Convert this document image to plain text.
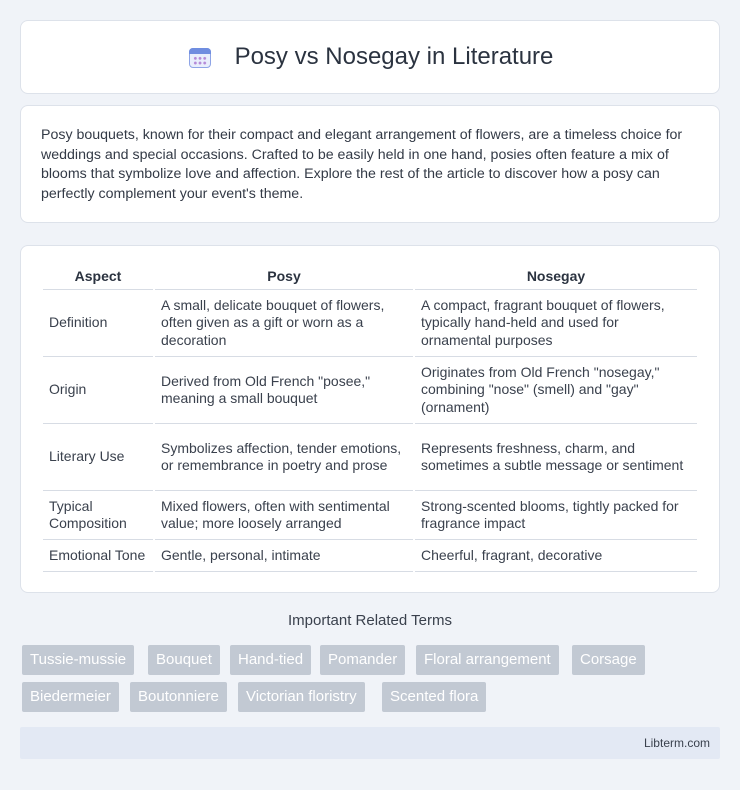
Posy vs Nosegay in Literature

Posy bouquets, known for their compact and elegant arrangement of flowers, are a timeless choice for weddings and special occasions. Crafted to be easily held in one hand, posies often feature a mix of blooms that symbolize love and affection. Explore the rest of the article to discover how a posy can perfectly complement your event's theme.

Aspect	Posy	Nosegay
Definition	A small, delicate bouquet of flowers, often given as a gift or worn as a decoration	A compact, fragrant bouquet of flowers, typically hand-held and used for ornamental purposes
Origin	Derived from Old French "posee," meaning a small bouquet	Originates from Old French "nosegay," combining "nose" (smell) and "gay" (ornament)
Literary Use	Symbolizes affection, tender emotions, or remembrance in poetry and prose	Represents freshness, charm, and sometimes a subtle message or sentiment
Typical Composition	Mixed flowers, often with sentimental value; more loosely arranged	Strong-scented blooms, tightly packed for fragrance impact
Emotional Tone	Gentle, personal, intimate	Cheerful, fragrant, decorative
Important Related Terms
Tussie-mussie	Bouquet	Hand-tied	Pomander	Floral arrangement	Corsage
Biedermeier	Boutonniere	Victorian floristry	Scented flora
Libterm.com
